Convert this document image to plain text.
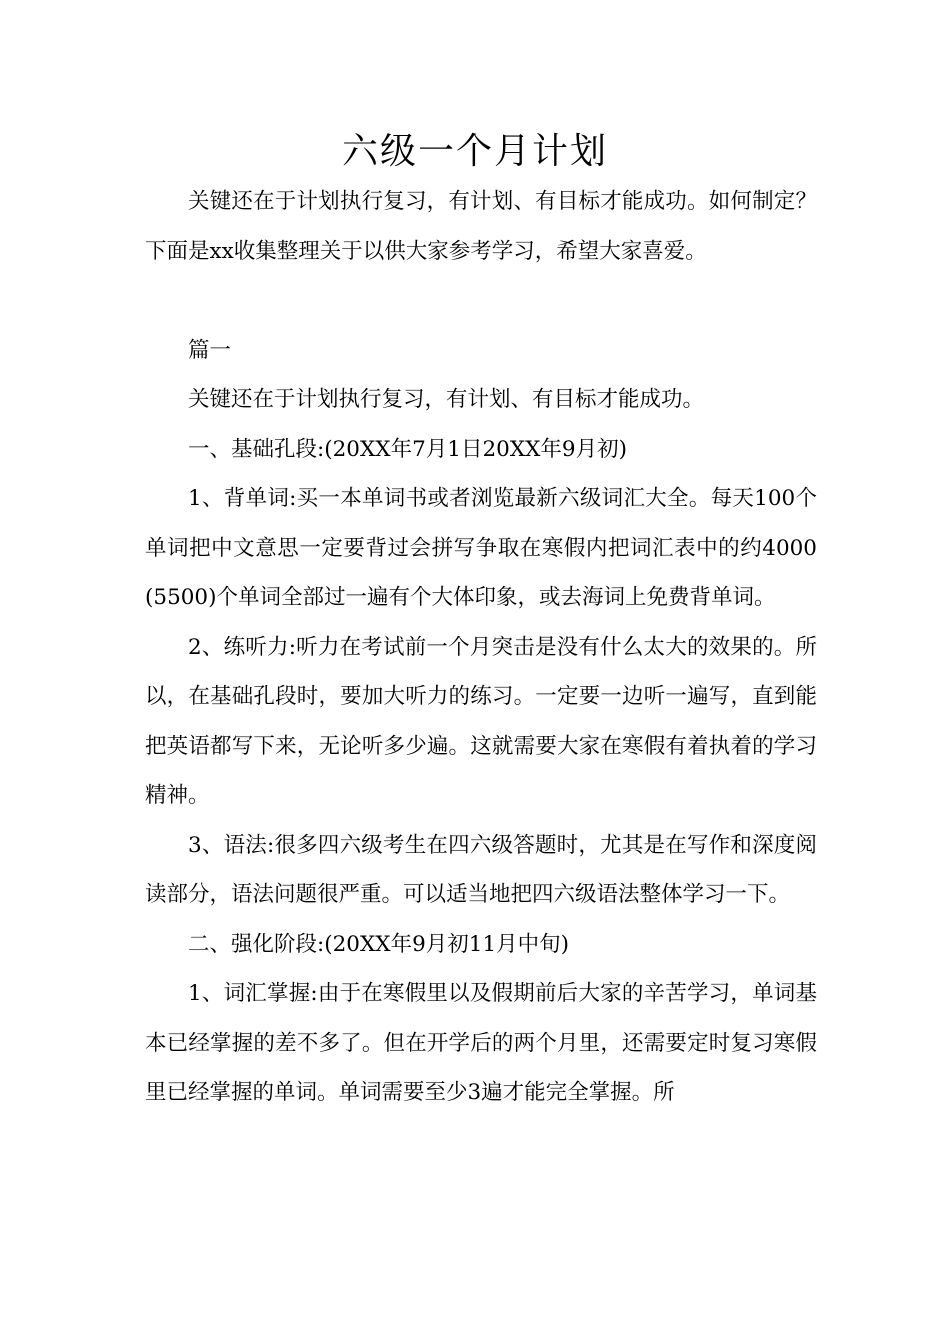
六级一个月计划

关键还在于计划执行复习，有计划、有目标才能成功。如何制定？下面是xx收集整理关于以供大家参考学习，希望大家喜爱。

篇一

关键还在于计划执行复习，有计划、有目标才能成功。

一、基础孔段:(20XX年7月1日20XX年9月初)

1、背单词:买一本单词书或者浏览最新六级词汇大全。每天100个单词把中文意思一定要背过会拼写争取在寒假内把词汇表中的约4000(5500)个单词全部过一遍有个大体印象，或去海词上免费背单词。

2、练听力:听力在考试前一个月突击是没有什么太大的效果的。所以，在基础孔段时，要加大听力的练习。一定要一边听一遍写，直到能把英语都写下来，无论听多少遍。这就需要大家在寒假有着执着的学习精神。

3、语法:很多四六级考生在四六级答题时，尤其是在写作和深度阅读部分，语法问题很严重。可以适当地把四六级语法整体学习一下。

二、强化阶段:(20XX年9月初11月中旬)

1、词汇掌握:由于在寒假里以及假期前后大家的辛苦学习，单词基本已经掌握的差不多了。但在开学后的两个月里，还需要定时复习寒假里已经掌握的单词。单词需要至少3遍才能完全掌握。所
